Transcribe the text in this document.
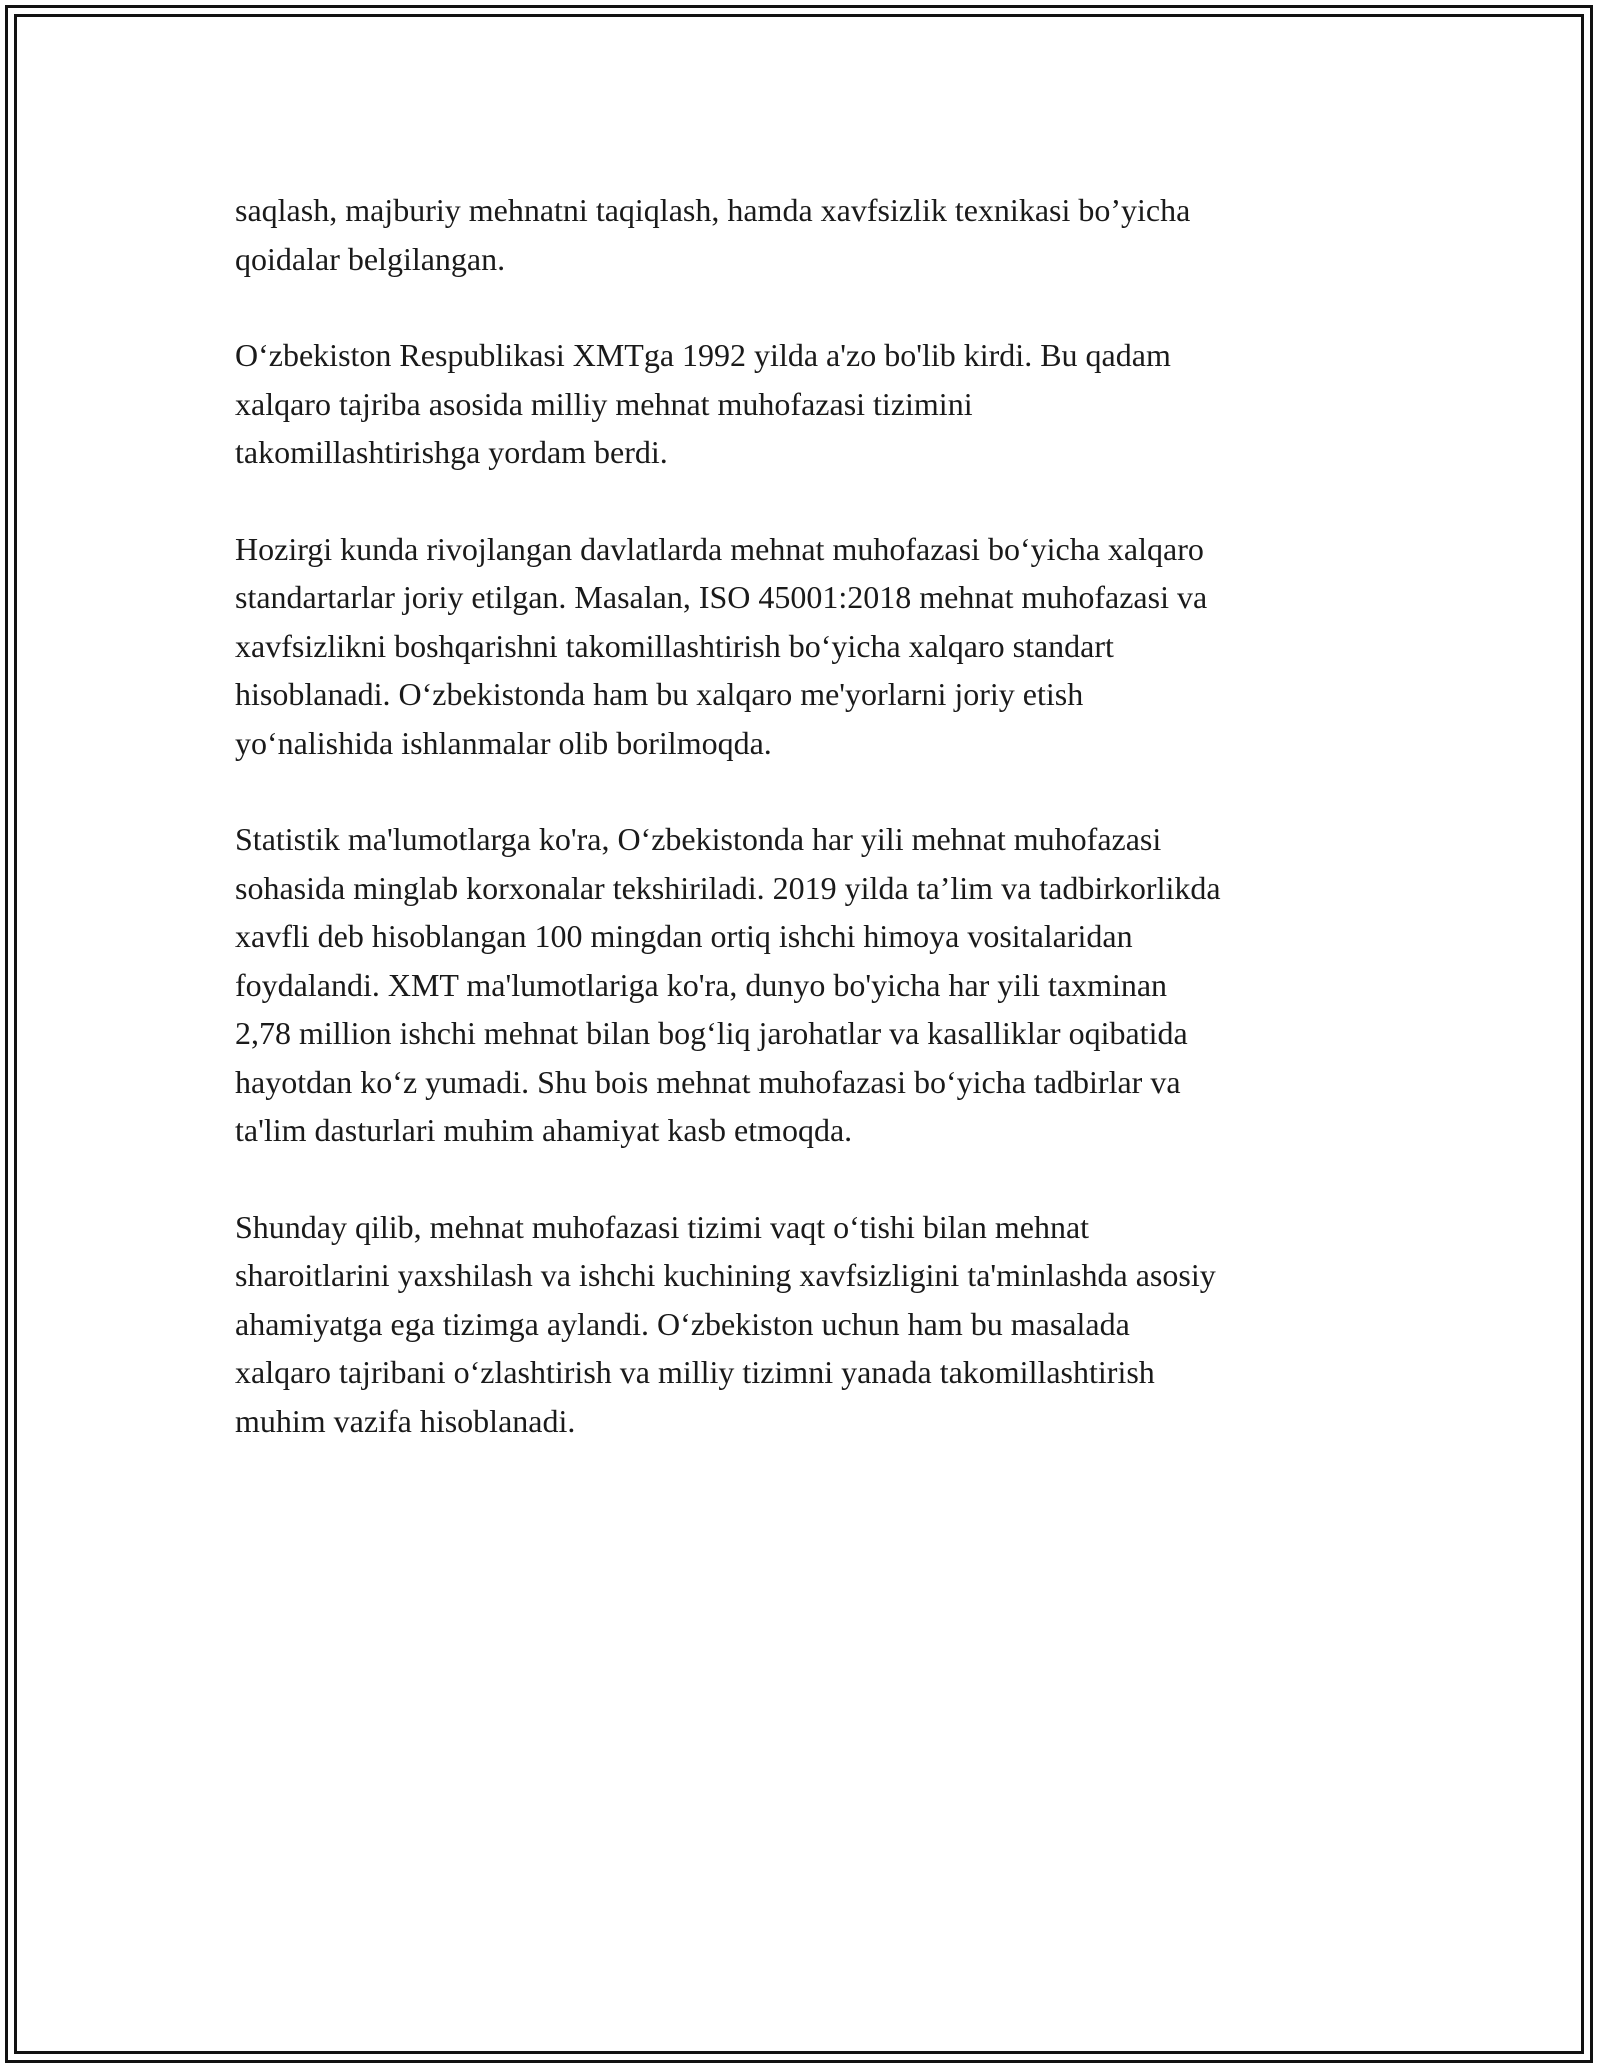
saqlash, majburiy mehnatni taqiqlash, hamda xavfsizlik texnikasi bo’yicha
qoidalar belgilangan.

O‘zbekiston Respublikasi XMTga 1992 yilda a'zo bo'lib kirdi. Bu qadam
xalqaro tajriba asosida milliy mehnat muhofazasi tizimini
takomillashtirishga yordam berdi.

Hozirgi kunda rivojlangan davlatlarda mehnat muhofazasi bo‘yicha xalqaro
standartarlar joriy etilgan. Masalan, ISO 45001:2018 mehnat muhofazasi va
xavfsizlikni boshqarishni takomillashtirish bo‘yicha xalqaro standart
hisoblanadi. O‘zbekistonda ham bu xalqaro me'yorlarni joriy etish
yo‘nalishida ishlanmalar olib borilmoqda.

Statistik ma'lumotlarga ko'ra, O‘zbekistonda har yili mehnat muhofazasi
sohasida minglab korxonalar tekshiriladi. 2019 yilda ta’lim va tadbirkorlikda
xavfli deb hisoblangan 100 mingdan ortiq ishchi himoya vositalaridan
foydalandi. XMT ma'lumotlariga ko'ra, dunyo bo'yicha har yili taxminan
2,78 million ishchi mehnat bilan bog‘liq jarohatlar va kasalliklar oqibatida
hayotdan ko‘z yumadi. Shu bois mehnat muhofazasi bo‘yicha tadbirlar va
ta'lim dasturlari muhim ahamiyat kasb etmoqda.

Shunday qilib, mehnat muhofazasi tizimi vaqt o‘tishi bilan mehnat
sharoitlarini yaxshilash va ishchi kuchining xavfsizligini ta'minlashda asosiy
ahamiyatga ega tizimga aylandi. O‘zbekiston uchun ham bu masalada
xalqaro tajribani o‘zlashtirish va milliy tizimni yanada takomillashtirish
muhim vazifa hisoblanadi.
